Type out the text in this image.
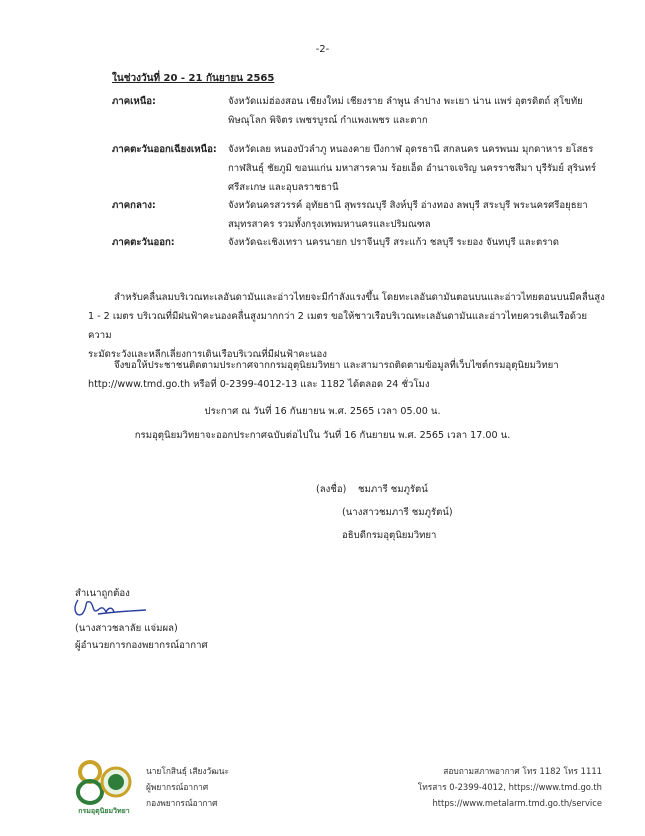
-2-
ในช่วงวันที่ 20 - 21 กันยายน 2565
ภาคเหนือ:	จังหวัดแม่ฮ่องสอน เชียงใหม่ เชียงราย ลำพูน ลำปาง พะเยา น่าน แพร่ อุตรดิตถ์ สุโขทัย
พิษณุโลก พิจิตร เพชรบูรณ์ กำแพงเพชร และตาก
ภาคตะวันออกเฉียงเหนือ:	จังหวัดเลย หนองบัวลำภู หนองคาย บึงกาฬ อุดรธานี สกลนคร นครพนม มุกดาหาร ยโสธร
กาฬสินธุ์ ชัยภูมิ ขอนแก่น มหาสารคาม ร้อยเอ็ด อำนาจเจริญ นครราชสีมา บุรีรัมย์ สุรินทร์
ศรีสะเกษ และอุบลราชธานี
ภาคกลาง:	จังหวัดนครสวรรค์ อุทัยธานี สุพรรณบุรี สิงห์บุรี อ่างทอง ลพบุรี สระบุรี พระนครศรีอยุธยา
สมุทรสาคร รวมทั้งกรุงเทพมหานครและปริมณฑล
ภาคตะวันออก:	จังหวัดฉะเชิงเทรา นครนายก ปราจีนบุรี สระแก้ว ชลบุรี ระยอง จันทบุรี และตราด
สำหรับคลื่นลมบริเวณทะเลอันดามันและอ่าวไทยจะมีกำลังแรงขึ้น โดยทะเลอันดามันตอนบนและอ่าวไทยตอนบนมีคลื่นสูง
1 - 2 เมตร บริเวณที่มีฝนฟ้าคะนองคลื่นสูงมากกว่า 2 เมตร ขอให้ชาวเรือบริเวณทะเลอันดามันและอ่าวไทยควรเดินเรือด้วยความ
ระมัดระวังและหลีกเลี่ยงการเดินเรือบริเวณที่มีฝนฟ้าคะนอง
จึงขอให้ประชาชนติดตามประกาศจากกรมอุตุนิยมวิทยา และสามารถติดตามข้อมูลที่เว็บไซต์กรมอุตุนิยมวิทยา
http://www.tmd.go.th หรือที่ 0-2399-4012-13 และ 1182 ได้ตลอด 24 ชั่วโมง
ประกาศ ณ วันที่ 16 กันยายน พ.ศ. 2565 เวลา 05.00 น.
กรมอุตุนิยมวิทยาจะออกประกาศฉบับต่อไปใน วันที่ 16 กันยายน พ.ศ. 2565 เวลา 17.00 น.
(ลงชื่อ) ชมภารี ชมภูรัตน์
(นางสาวชมภารี ชมภูรัตน์)
อธิบดีกรมอุตุนิยมวิทยา
สำเนาถูกต้อง
(นางสาวชลาลัย แจ่มผล)
ผู้อำนวยการกองพยากรณ์อากาศ
กรมอุตุนิยมวิทยา
นายโกสินธุ์ เสียงวัฒนะ
ผู้พยากรณ์อากาศ
กองพยากรณ์อากาศ
สอบถามสภาพอากาศ โทร 1182 โทร 1111
โทรสาร 0-2399-4012, https://www.tmd.go.th
https://www.metalarm.tmd.go.th/service
